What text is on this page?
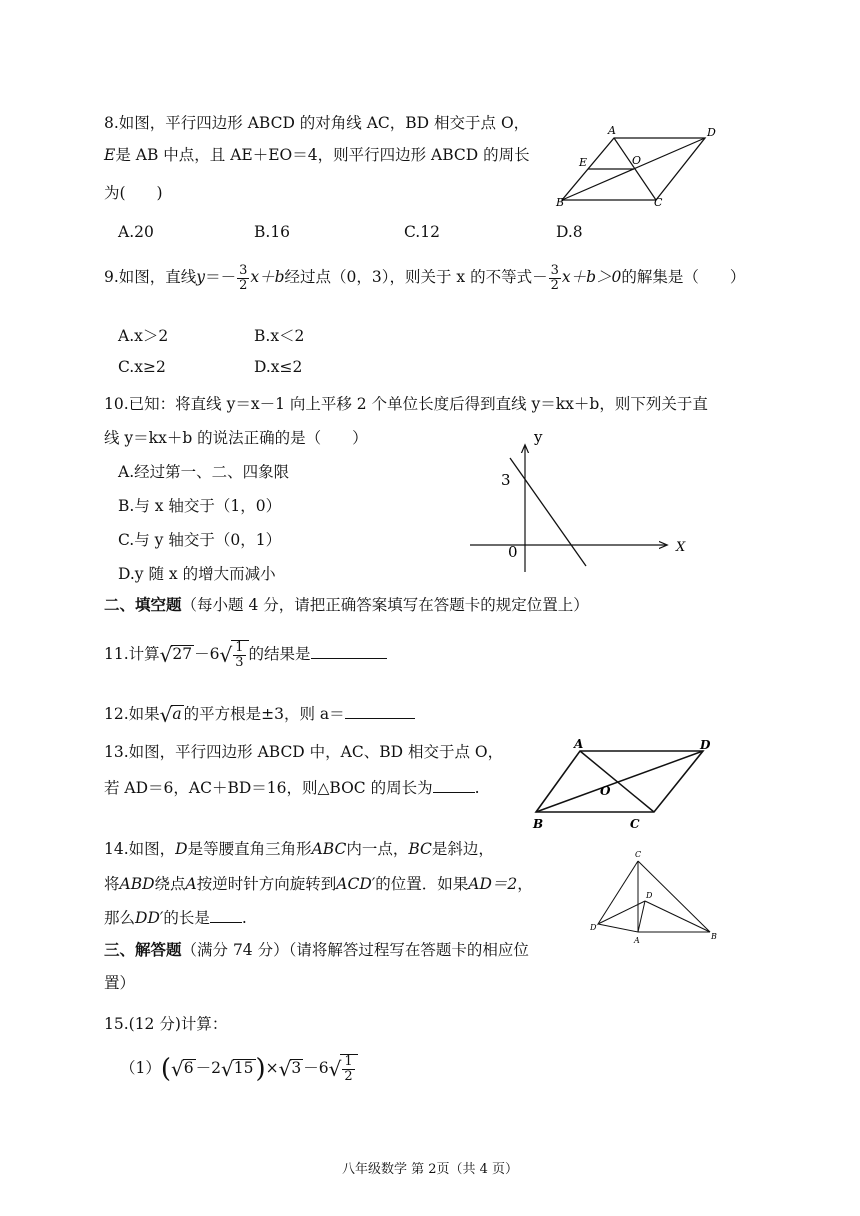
8.如图，平行四边形 ABCD 的对角线 AC，BD 相交于点 O，
E是 AB 中点，且 AE＋EO＝4，则平行四边形 ABCD 的周长
为(　　)
A.20	B.16	C.12	D.8
A	D
E	O
B	C
9.如图，直线$y=- \frac{3}{2} x+b$经过点（0，3），则关于 x 的不等式－ $\frac{3}{2} x+b>0$的解集是（　　）
A.x＞2	B.x＜2
C.x≥2	D.x≤2
10.已知：将直线 y＝x－1 向上平移 2 个单位长度后得到直线 y＝kx＋b，则下列关于直
线 y＝kx＋b 的说法正确的是（　　）
A.经过第一、二、四象限
B.与 x 轴交于（1，0）
C.与 y 轴交于（0，1）
D.y 随 x 的增大而减小
y
X
3
0
二、填空题（每小题 4 分，请把正确答案填写在答题卡的规定位置上）
11.计算$√27 -6√ \frac{1}{3}$ 的结果是
12.如果√a 的平方根是±3，则 a＝
13.如图，平行四边形 ABCD 中，AC、BD 相交于点 O，
若 AD＝6，AC＋BD＝16，则△BOC 的周长为	.
A	D
O
B	C
14.如图，D是等腰直角三角形ABC内一点，BC是斜边，
将ABD绕点A按逆时针方向旋转到ACD′的位置．如果AD＝2，
那么DD′的长是 .
C
D
D′
A	B
三、解答题（满分 74 分）（请将解答过程写在答题卡的相应位
置）
15.(12 分)计算：
$(1)(√6 -2√15)\times√3 -6√ \frac{1}{2}$
八年级数学 第 2页（共 4 页）
